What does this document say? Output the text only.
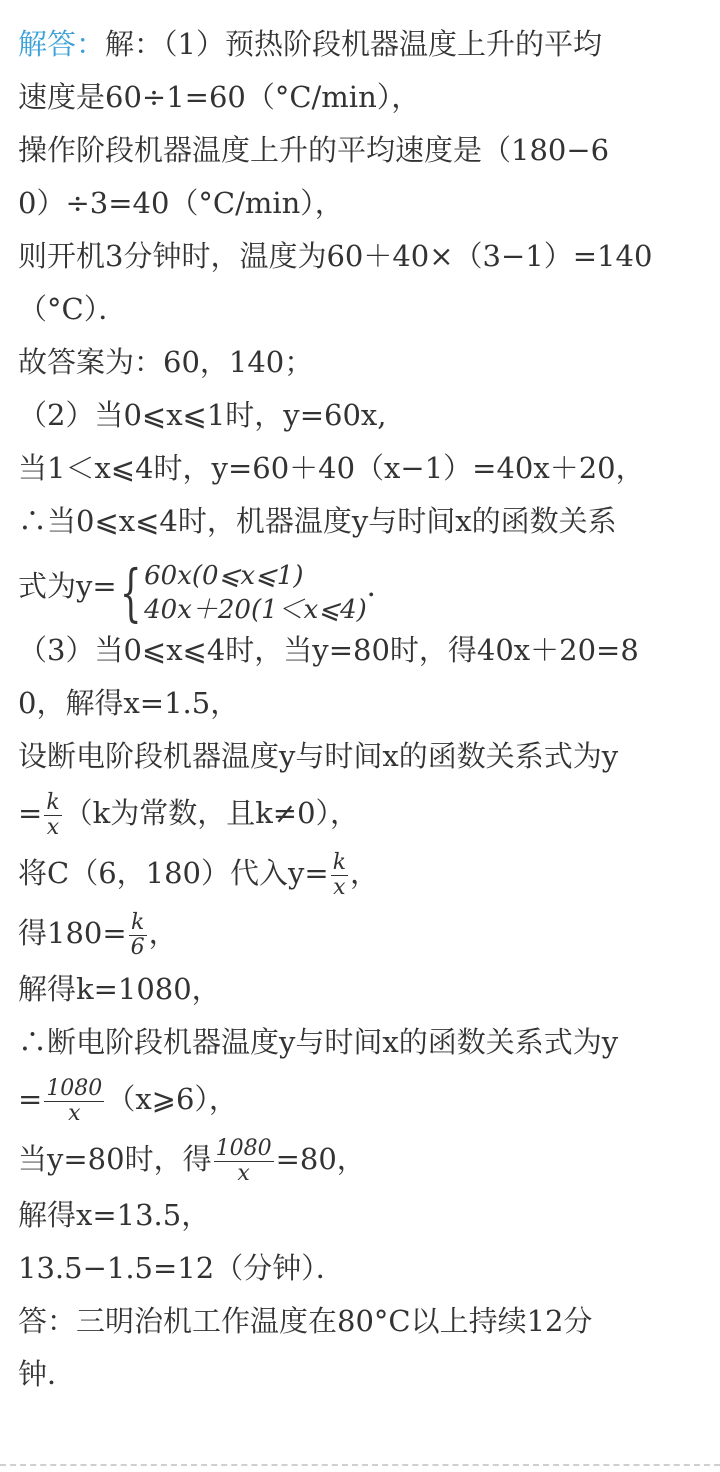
解答：解：（1）预热阶段机器温度上升的平均
速度是60÷1=60（°C/min），
操作阶段机器温度上升的平均速度是（180−6
0）÷3=40（°C/min），
则开机3分钟时，温度为60＋40×（3−1）=140
（°C）．
故答案为：60，140；
（2）当0⩽x⩽1时，y=60x,
当1＜x⩽4时，y=60＋40（x−1）=40x＋20，
∴当0⩽x⩽4时，机器温度y与时间x的函数关系
式为y={ 60x(0⩽x⩽1)
40x＋20(1＜x⩽4)
．
（3）当0⩽x⩽4时，当y=80时，得40x＋20=8
0，解得x=1.5，
设断电阶段机器温度y与时间x的函数关系式为y
= $\frac{k}{x} (k$为常数，且k≠0），
将C（6，180）代入$y= \frac{k}{x}$ ，
得$180= \frac{k}{6}$ ，
解得k=1080，
∴断电阶段机器温度y与时间x的函数关系式为y
= $\frac{1080}{x}$ （x⩾6），
当y=80时，得 $\frac{1080}{x} =80$，
解得x=13.5，
13.5−1.5=12（分钟）．
答：三明治机工作温度在80°C以上持续12分
钟．
